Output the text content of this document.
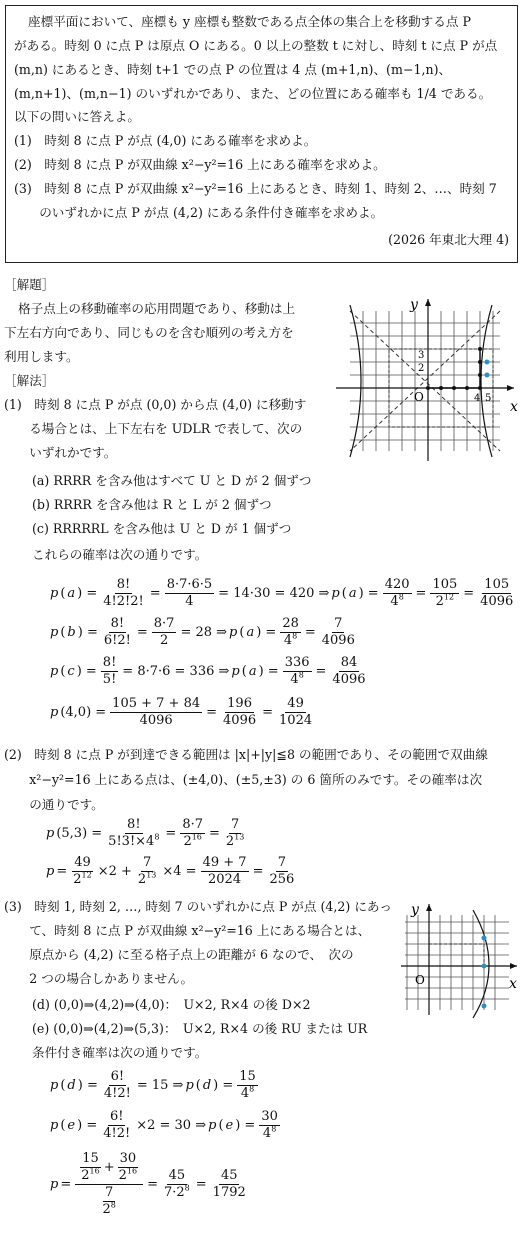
座標平面において、座標も y 座標も整数である点全体の集合上を移動する点 P
がある。時刻 0 に点 P は原点 O にある。0 以上の整数 t に対し、時刻 t に点 P が点
(m,n) にあるとき、時刻 t+1 での点 P の位置は 4 点 (m+1,n)、(m−1,n)、
(m,n+1)、(m,n−1) のいずれかであり、また、どの位置にある確率も 1/4 である。
以下の問いに答えよ。
(1)　時刻 8 に点 P が点 (4,0) にある確率を求めよ。
(2)　時刻 8 に点 P が双曲線 x²−y²=16 上にある確率を求めよ。
(3)　時刻 8 に点 P が双曲線 x²−y²=16 上にあるとき、時刻 1、時刻 2、…、時刻 7
　　のいずれかに点 P が点 (4,2) にある条件付き確率を求めよ。
(2026 年東北大理 4)
［解題］
格子点上の移動確率の応用問題であり、移動は上
下左右方向であり、同じものを含む順列の考え方を
利用します。
［解法］
(1)　時刻 8 に点 P が点 (0,0) から点 (4,0) に移動す
　　る場合とは、上下左右を UDLR で表して、次の
　　いずれかです。
(a) RRRR を含み他はすべて U と D が 2 個ずつ
(b) RRRR を含み他は R と L が 2 個ずつ
(c) RRRRRL を含み他は U と D が 1 個ずつ
これらの確率は次の通りです。
p ( a ) = $\frac{8!}{4!2!2!} = \frac{8\cdot 7\cdot 6\cdot 5}{4} = 14\cdot 30 = 420$ ⇒ p ( a ) = $\frac{420}{4^8} = \frac{105}{2^{12}} = \frac{105}{4096}$
p ( b ) = $\frac{8!}{6!2!} = \frac{8\cdot 7}{2} = 28$ ⇒ p ( a ) = $\frac{28}{4^8} = \frac{7}{4096}$
p ( c ) = $\frac{8!}{5!} = 8\cdot 7\cdot 6 = 336$ ⇒ p ( a ) = $\frac{336}{4^8} = \frac{84}{4096}$
p $(4,0) = \frac{105 + 7 + 84}{4096} = \frac{196}{4096} = \frac{49}{1024}$
(2)　時刻 8 に点 P が到達できる範囲は |x|+|y|≦8 の範囲であり、その範囲で双曲線
　　x²−y²=16 上にある点は、(±4,0)、(±5,±3) の 6 箇所のみです。その確率は次
　　の通りです。
p $(5,3) = \frac{8!}{5!3!\times 4^8} = \frac{8\cdot 7}{2^{16}} = \frac{7}{2^{13}}$
$p = \frac{49}{2^{12}} \times 2 + \frac{7}{2^{13}} \times 4 = \frac{49 + 7}{2024} = \frac{7}{256}$
(3)　時刻 1, 時刻 2, …, 時刻 7 のいずれかに点 P が点 (4,2) にあっ
　　て、時刻 8 に点 P が双曲線 x²−y²=16 上にある場合とは、
　　原点から (4,2) に至る格子点上の距離が 6 なので、　次の
　　2 つの場合しかありません。
(d) (0,0)⇒(4,2)⇒(4,0)：　U×2, R×4 の後 D×2
(e) (0,0)⇒(4,2)⇒(5,3)：　U×2, R×4 の後 RU または UR
条件付き確率は次の通りです。
p ( d ) = $\frac{6!}{4!2!} = 15$ ⇒ p ( d ) = $\frac{15}{4^8}$
p ( e ) = $\frac{6!}{4!2!} \times 2 = 30$ ⇒ p ( e ) = $\frac{30}{4^8}$
$p = \frac{\frac{15}{2^{16}} + \frac{30}{2^{16}}}{\frac{7}{2^8}} = \frac{45}{7\cdot 2^8} = \frac{45}{1792}$
x
y
O
3
2
4 5
x
y
O
